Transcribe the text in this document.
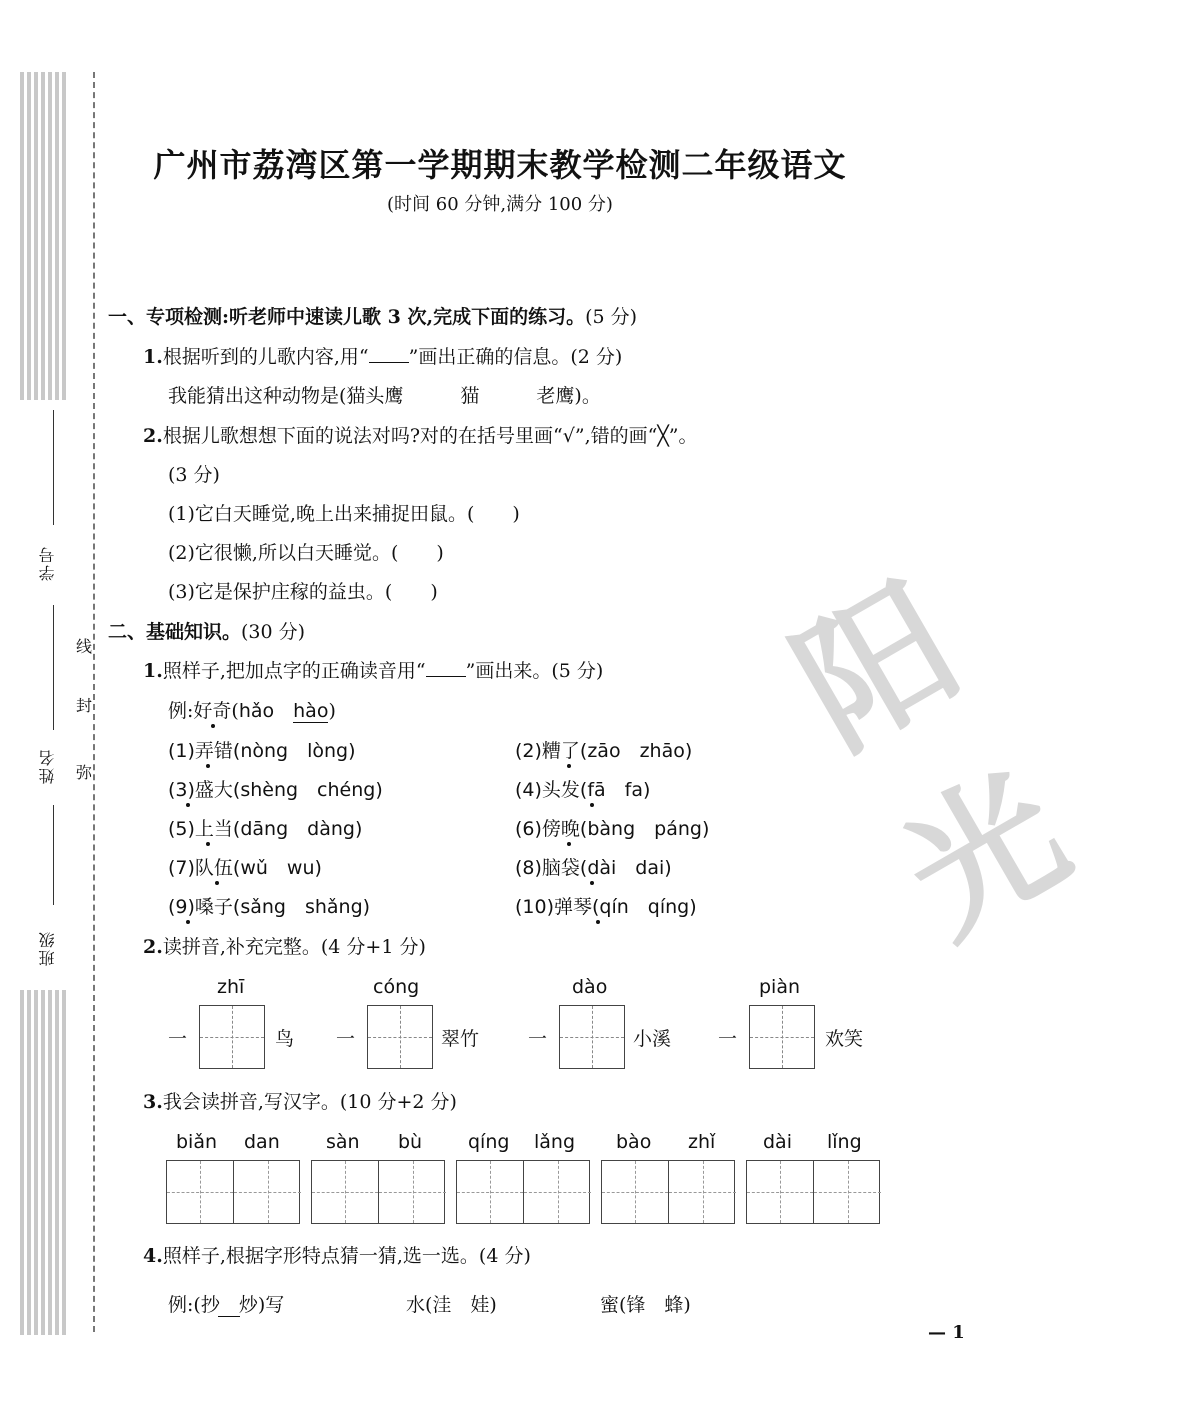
学号
姓名
班级
线
封
弥	阳光
广州市荔湾区第一学期期末教学检测二年级语文
(时间 60 分钟,满分 100 分)
一、专项检测:听老师中速读儿歌 3 次,完成下面的练习。(5 分)
1.根据听到的儿歌内容,用“ ”画出正确的信息。(2 分)
我能猜出这种动物是(猫头鹰　　　猫　　　老鹰)。
2.根据儿歌想想下面的说法对吗?对的在括号里画“√”,错的画“╳”。
(3 分)
(1)它白天睡觉,晚上出来捕捉田鼠。(　　)
(2)它很懒,所以白天睡觉。(　　)
(3)它是保护庄稼的益虫。(　　)
二、基础知识。(30 分)
1.照样子,把加点字的正确读音用“ ”画出来。(5 分)
例:好奇(hǎo  hào)
(1)弄错(nòng　lòng)	(2)糟了(zāo　zhāo)
(3)盛大(shèng　chéng)	(4)头发(fā　fa)
(5)上当(dāng　dàng)	(6)傍晚(bàng　páng)
(7)队伍(wǔ　wu)	(8)脑袋(dài　dai)
(9)嗓子(sǎng　shǎng)	(10)弹琴(qín　qíng)
2.读拼音,补充完整。(4 分+1 分)
zhī
一	鸟
cóng
一	翠竹
dào
一	小溪
piàn
一	欢笑
3.我会读拼音,写汉字。(10 分+2 分)
biǎn dan sàn bù qíng lǎng bào zhǐ	dài lǐng
4.照样子,根据字形特点猜一猜,选一选。(4 分)
例:(抄　炒)写	水(洼　娃)	蜜(锋　蜂)
— 1
